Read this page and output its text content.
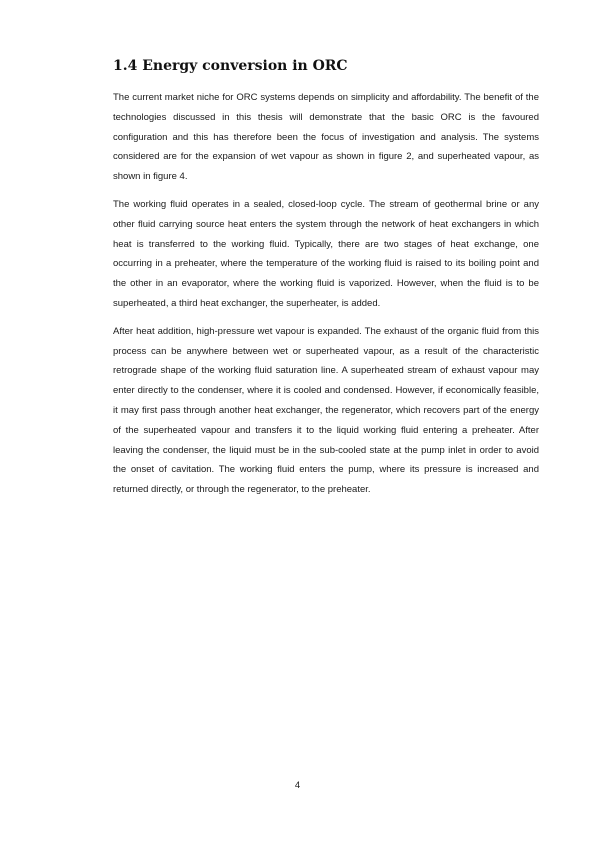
1.4 Energy conversion in ORC

The current market niche for ORC systems depends on simplicity and affordability. The benefit of the technologies discussed in this thesis will demonstrate that the basic ORC is the favoured configuration and this has therefore been the focus of investigation and analysis. The systems considered are for the expansion of wet vapour as shown in figure 2, and superheated vapour, as shown in figure 4.

The working fluid operates in a sealed, closed-loop cycle. The stream of geothermal brine or any other fluid carrying source heat enters the system through the network of heat exchangers in which heat is transferred to the working fluid. Typically, there are two stages of heat exchange, one occurring in a preheater, where the temperature of the working fluid is raised to its boiling point and the other in an evaporator, where the working fluid is vaporized. However, when the fluid is to be superheated, a third heat exchanger, the superheater, is added.

After heat addition, high-pressure wet vapour is expanded. The exhaust of the organic fluid from this process can be anywhere between wet or superheated vapour, as a result of the characteristic retrograde shape of the working fluid saturation line. A superheated stream of exhaust vapour may enter directly to the condenser, where it is cooled and condensed. However, if economically feasible, it may first pass through another heat exchanger, the regenerator, which recovers part of the energy of the superheated vapour and transfers it to the liquid working fluid entering a preheater. After leaving the condenser, the liquid must be in the sub-cooled state at the pump inlet in order to avoid the onset of cavitation. The working fluid enters the pump, where its pressure is increased and returned directly, or through the regenerator, to the preheater.

4
